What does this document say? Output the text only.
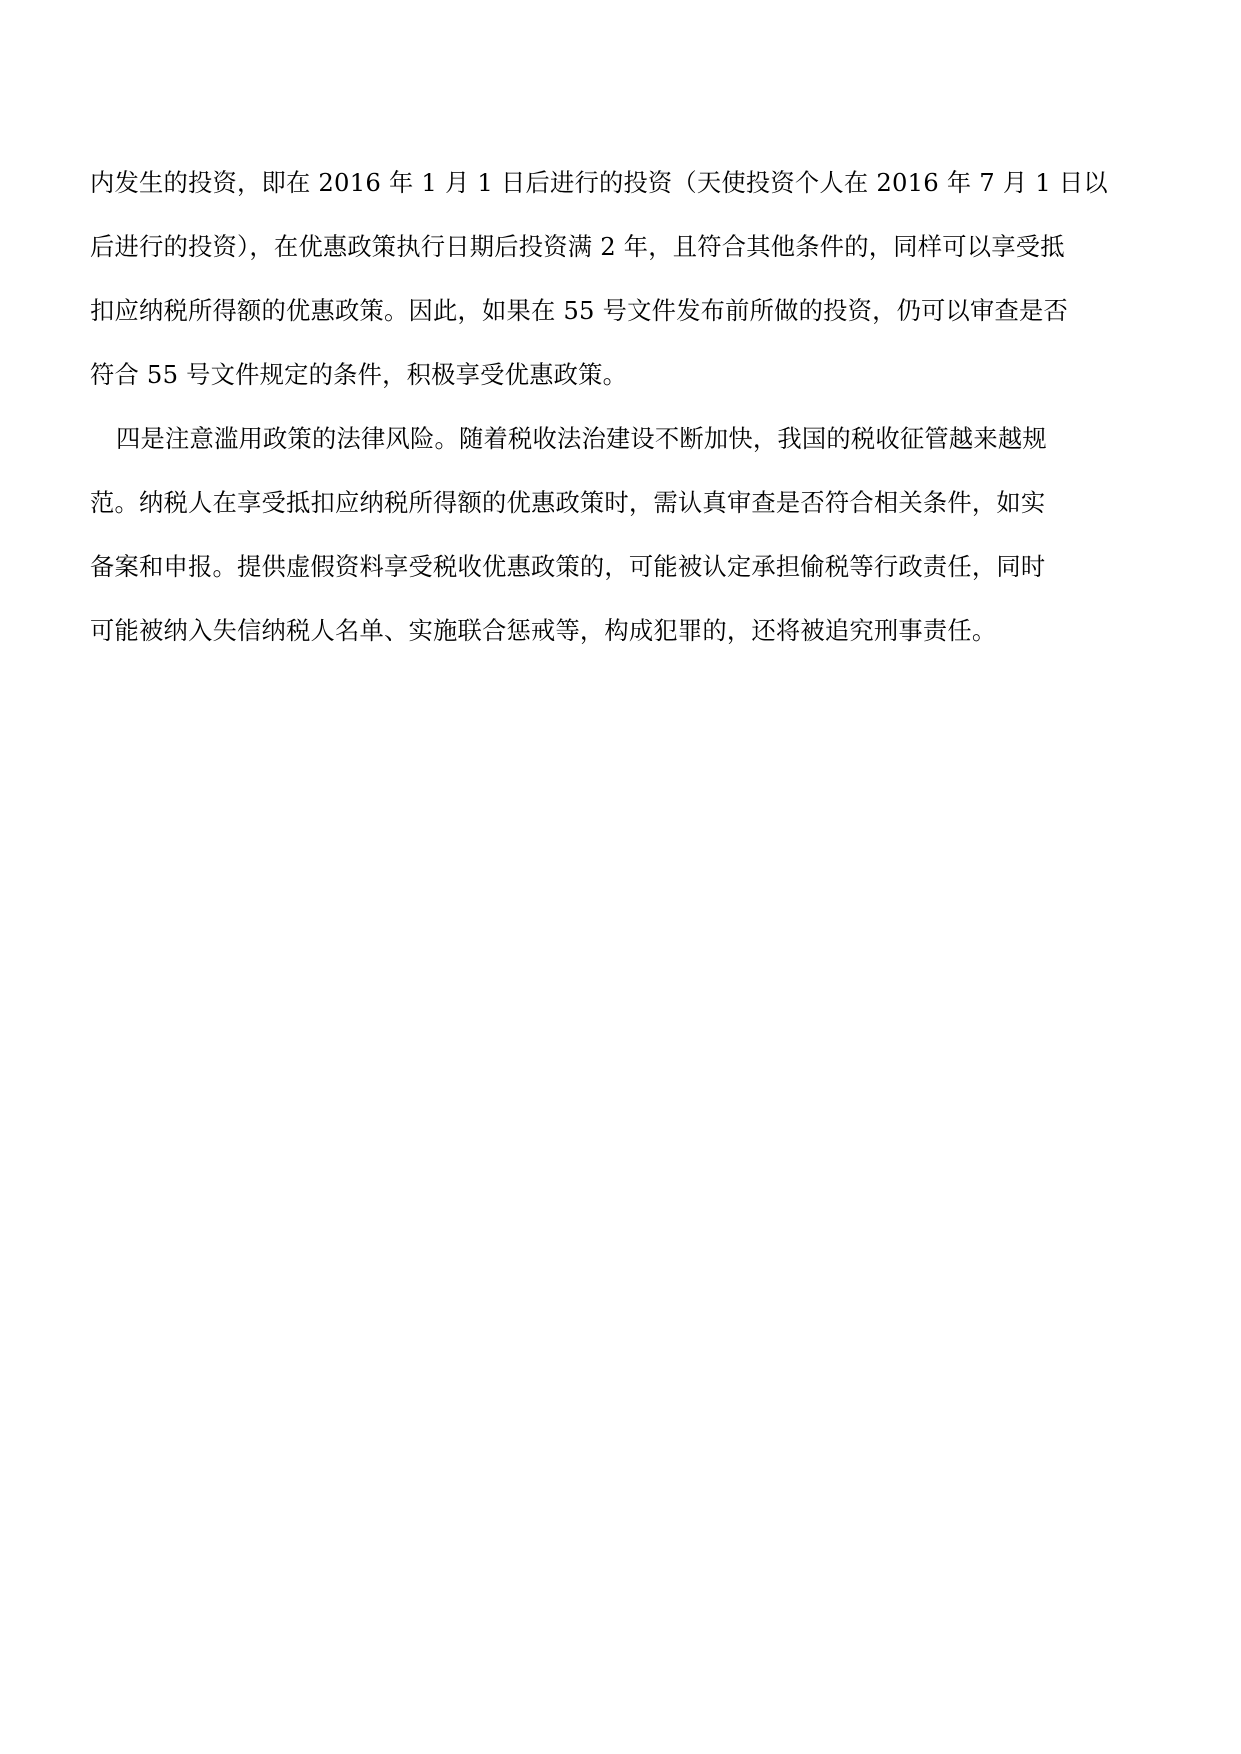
内发生的投资，即在 2016 年 1 月 1 日后进行的投资（天使投资个人在 2016 年 7 月 1 日以
后进行的投资），在优惠政策执行日期后投资满 2 年，且符合其他条件的，同样可以享受抵
扣应纳税所得额的优惠政策。因此，如果在 55 号文件发布前所做的投资，仍可以审查是否
符合 55 号文件规定的条件，积极享受优惠政策。
四是注意滥用政策的法律风险。随着税收法治建设不断加快，我国的税收征管越来越规
范。纳税人在享受抵扣应纳税所得额的优惠政策时，需认真审查是否符合相关条件，如实
备案和申报。提供虚假资料享受税收优惠政策的，可能被认定承担偷税等行政责任，同时
可能被纳入失信纳税人名单、实施联合惩戒等，构成犯罪的，还将被追究刑事责任。
